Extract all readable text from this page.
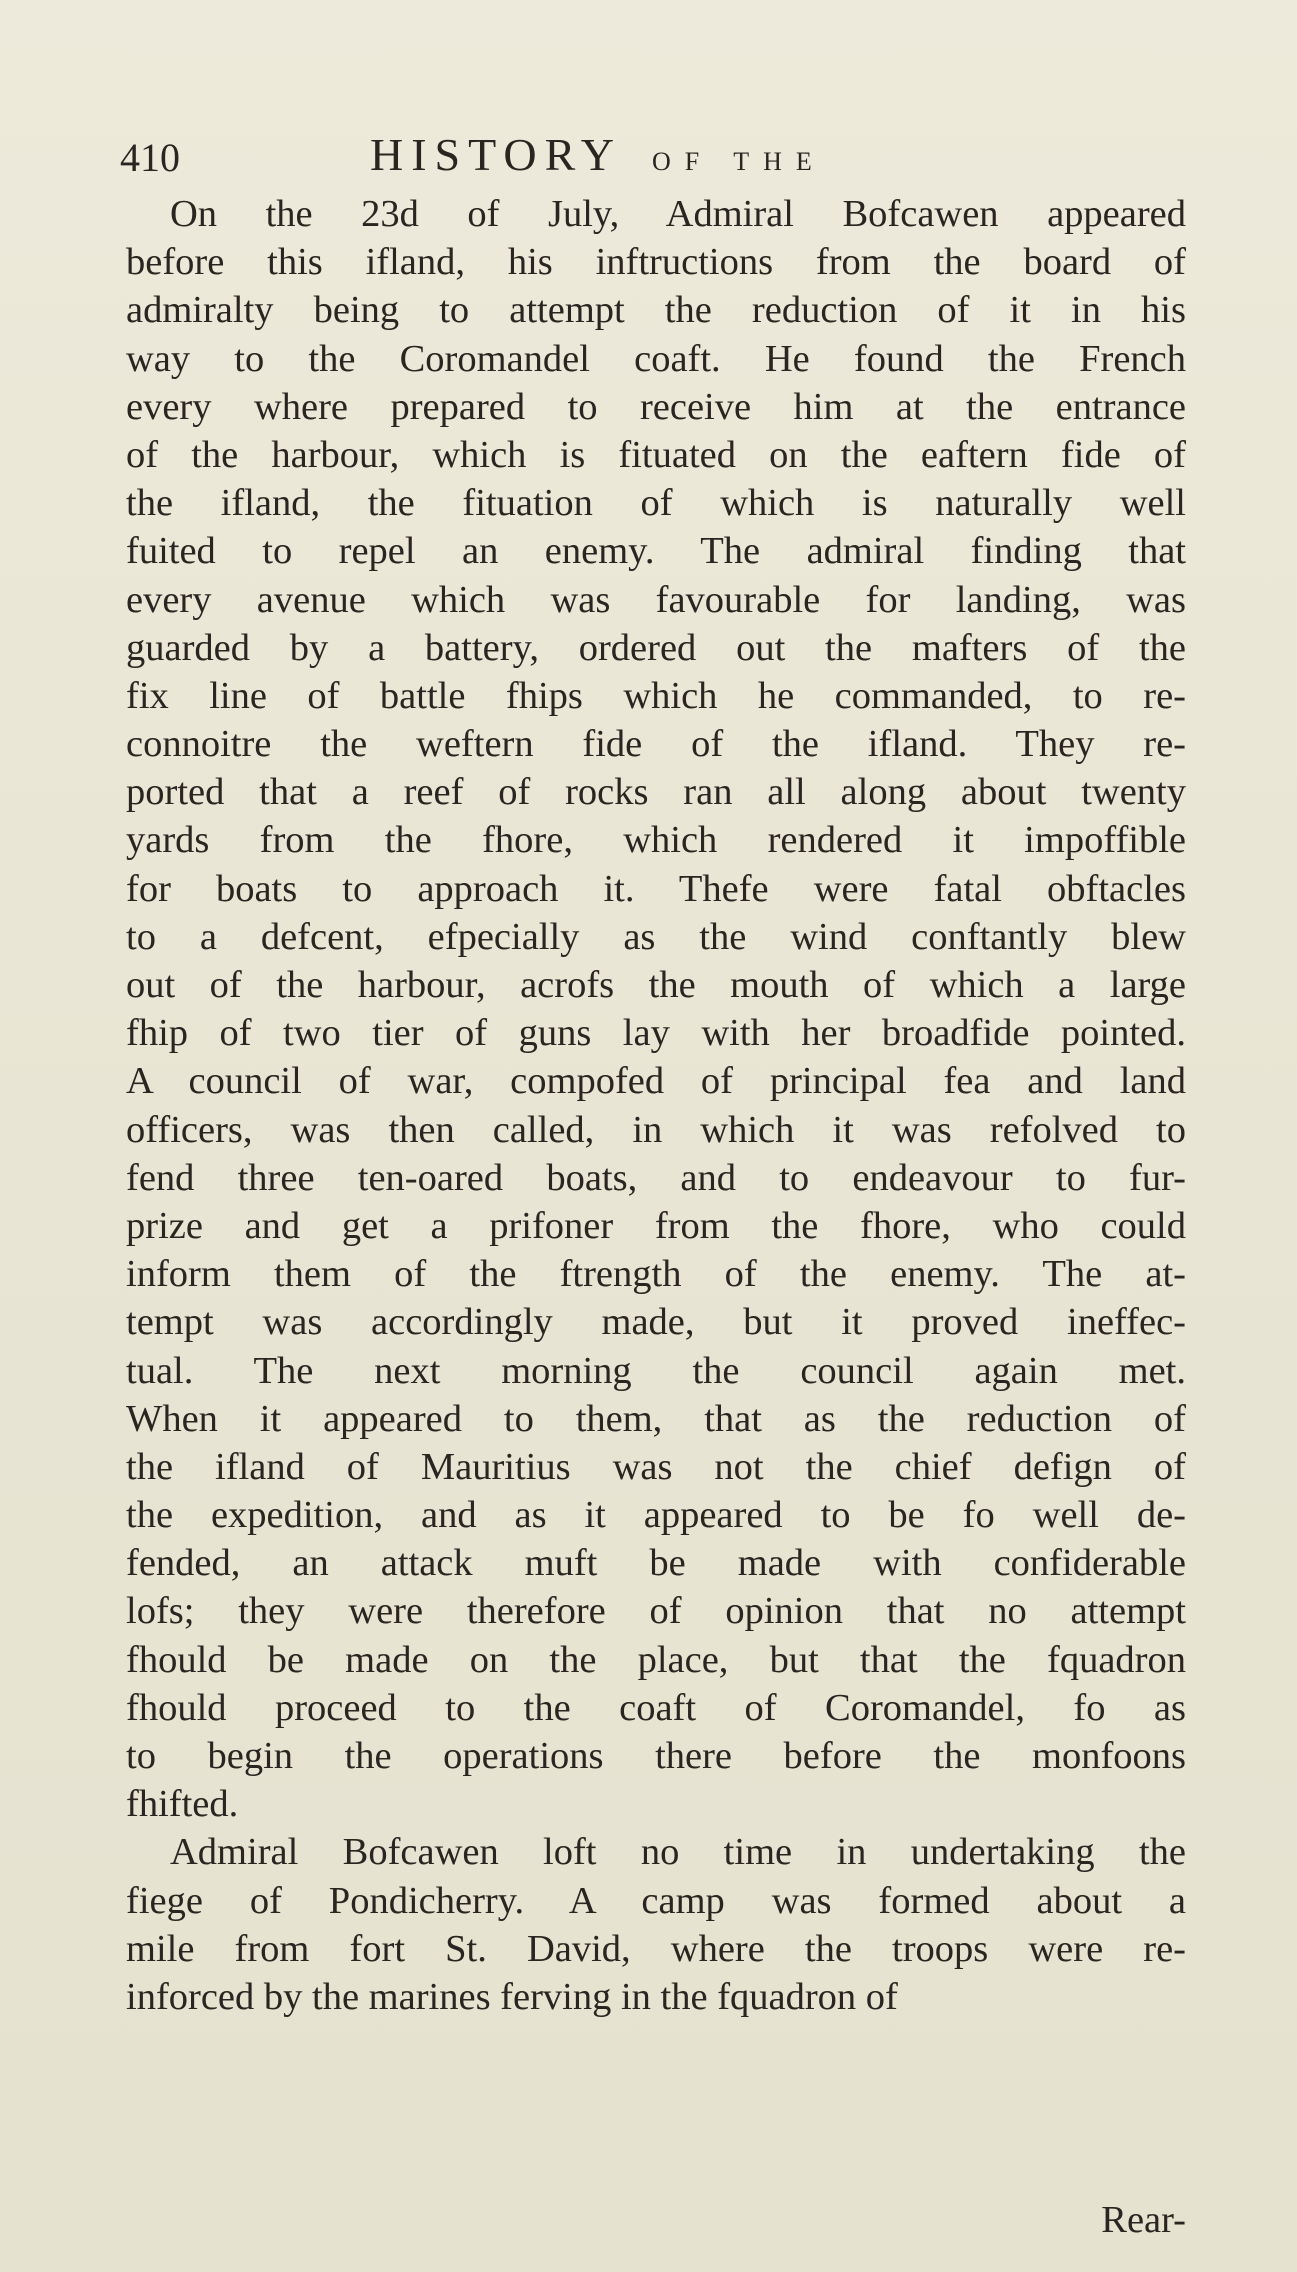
410	HISTORY OF THE
On the 23d of July, Admiral Bofcawen appeared
before this ifland, his inftructions from the board of
admiralty being to attempt the reduction of it in his
way to the Coromandel coaft. He found the French
every where prepared to receive him at the entrance
of the harbour, which is fituated on the eaftern fide of
the ifland, the fituation of which is naturally well
fuited to repel an enemy. The admiral finding that
every avenue which was favourable for landing, was
guarded by a battery, ordered out the mafters of the
fix line of battle fhips which he commanded, to re-
connoitre the weftern fide of the ifland. They re-
ported that a reef of rocks ran all along about twenty
yards from the fhore, which rendered it impoffible
for boats to approach it. Thefe were fatal obftacles
to a defcent, efpecially as the wind conftantly blew
out of the harbour, acrofs the mouth of which a large
fhip of two tier of guns lay with her broadfide pointed.
A council of war, compofed of principal fea and land
officers, was then called, in which it was refolved to
fend three ten-oared boats, and to endeavour to fur-
prize and get a prifoner from the fhore, who could
inform them of the ftrength of the enemy. The at-
tempt was accordingly made, but it proved ineffec-
tual. The next morning the council again met.
When it appeared to them, that as the reduction of
the ifland of Mauritius was not the chief defign of
the expedition, and as it appeared to be fo well de-
fended, an attack muft be made with confiderable
lofs; they were therefore of opinion that no attempt
fhould be made on the place, but that the fquadron
fhould proceed to the coaft of Coromandel, fo as
to begin the operations there before the monfoons
fhifted.
Admiral Bofcawen loft no time in undertaking the
fiege of Pondicherry. A camp was formed about a
mile from fort St. David, where the troops were re-
inforced by the marines ferving in the fquadron of
Rear-
